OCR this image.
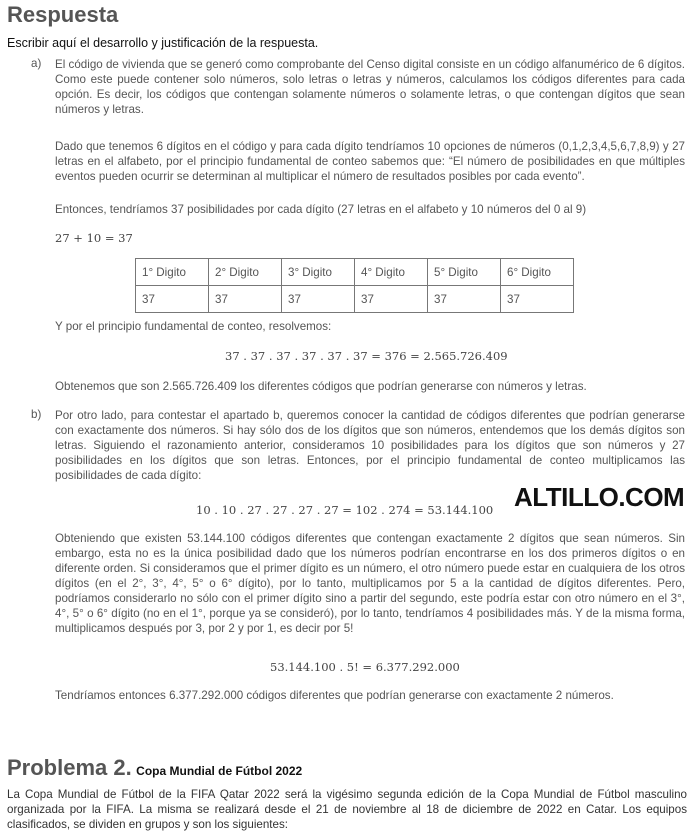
Respuesta
Escribir aquí el desarrollo y justificación de la respuesta.
a) El código de vivienda que se generó como comprobante del Censo digital consiste en un código alfanumérico de 6 dígitos. Como este puede contener solo números, solo letras o letras y números, calculamos los códigos diferentes para cada opción. Es decir, los códigos que contengan solamente números o solamente letras, o que contengan dígitos que sean números y letras.
Dado que tenemos 6 dígitos en el código y para cada dígito tendríamos 10 opciones de números (0,1,2,3,4,5,6,7,8,9) y 27 letras en el alfabeto, por el principio fundamental de conteo sabemos que: “El número de posibilidades en que múltiples eventos pueden ocurrir se determinan al multiplicar el número de resultados posibles por cada evento”.
Entonces, tendríamos 37 posibilidades por cada dígito (27 letras en el alfabeto y 10 números del 0 al 9)
27 + 10 = 37
1° Digito	2° Digito	3° Digito	4° Digito	5° Digito	6° Digito
37	37	37	37	37	37
Y por el principio fundamental de conteo, resolvemos:
37 . 37 . 37 . 37 . 37 . 37 = 376 = 2.565.726.409
Obtenemos que son 2.565.726.409 los diferentes códigos que podrían generarse con números y letras.
b) Por otro lado, para contestar el apartado b, queremos conocer la cantidad de códigos diferentes que podrían generarse con exactamente dos números. Si hay sólo dos de los dígitos que son números, entendemos que los demás dígitos son letras. Siguiendo el razonamiento anterior, consideramos 10 posibilidades para los dígitos que son números y 27 posibilidades en los dígitos que son letras. Entonces, por el principio fundamental de conteo multiplicamos las posibilidades de cada dígito:
10 . 10 . 27 . 27 . 27 . 27 = 102 . 274 = 53.144.100 ALTILLO.COM
Obteniendo que existen 53.144.100 códigos diferentes que contengan exactamente 2 dígitos que sean números. Sin embargo, esta no es la única posibilidad dado que los números podrían encontrarse en los dos primeros dígitos o en diferente orden. Si consideramos que el primer dígito es un número, el otro número puede estar en cualquiera de los otros dígitos (en el 2°, 3°, 4°, 5° o 6° dígito), por lo tanto, multiplicamos por 5 a la cantidad de dígitos diferentes. Pero, podríamos considerarlo no sólo con el primer dígito sino a partir del segundo, este podría estar con otro número en el 3°, 4°, 5° o 6° dígito (no en el 1°, porque ya se consideró), por lo tanto, tendríamos 4 posibilidades más. Y de la misma forma, multiplicamos después por 3, por 2 y por 1, es decir por 5!
53.144.100 . 5! = 6.377.292.000
Tendríamos entonces 6.377.292.000 códigos diferentes que podrían generarse con exactamente 2 números.
Problema 2. Copa Mundial de Fútbol 2022
La Copa Mundial de Fútbol de la FIFA Qatar 2022 será la vigésimo segunda edición de la Copa Mundial de Fútbol masculino organizada por la FIFA. La misma se realizará desde el 21 de noviembre al 18 de diciembre de 2022 en Catar. Los equipos clasificados, se dividen en grupos y son los siguientes:
